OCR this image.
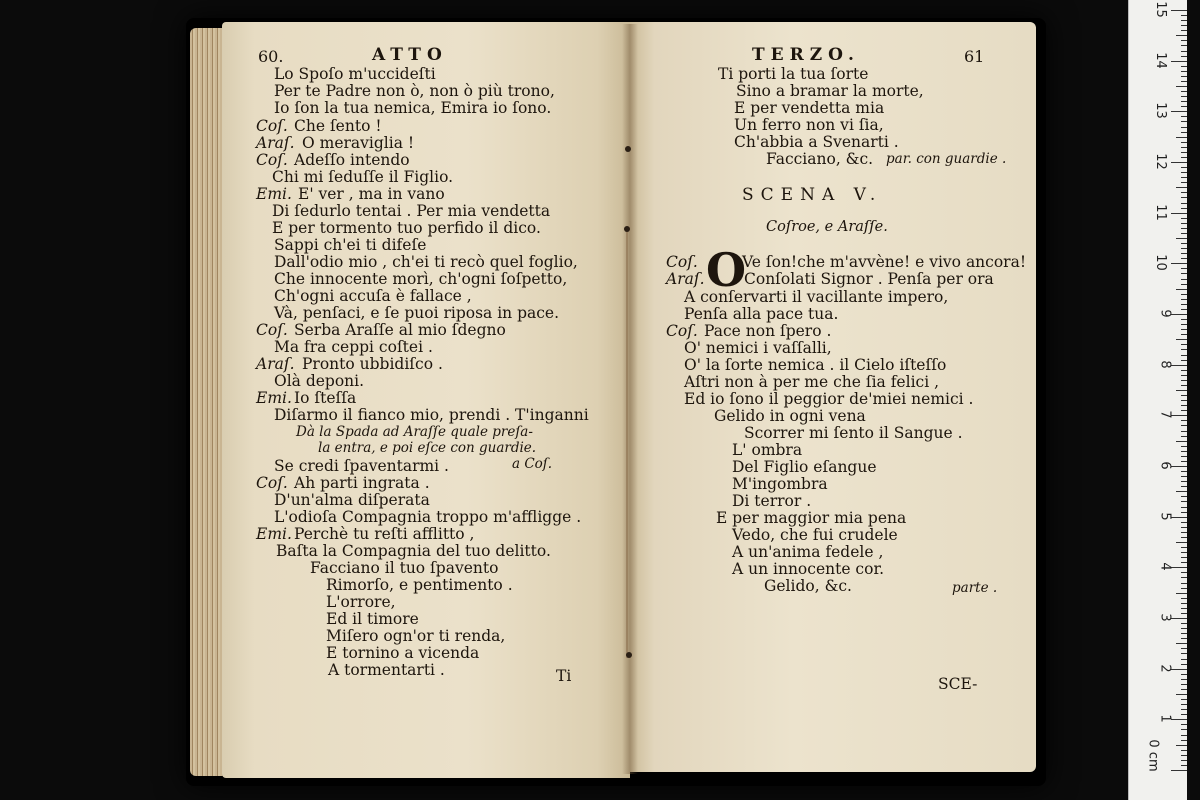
60.	ATTO
Lo Spoſo m'uccideſti
Per te Padre non ò, non ò più trono,
Io ſon la tua nemica, Emira io ſono.
Coſ. Che ſento !
Araſ. O meraviglia !
Coſ. Adeſſo intendo
Chi mi ſeduſſe il Figlio.
Emi. E' ver , ma in vano
Di ſedurlo tentai . Per mia vendetta
E per tormento tuo perfido il dico.
Sappi ch'ei ti difeſe
Dall'odio mio , ch'ei ti recò quel foglio,
Che innocente morì, ch'ogni ſoſpetto,
Ch'ogni accuſa è fallace ,
Và, penſaci, e ſe puoi riposa in pace.
Coſ. Serba Araſſe al mio ſdegno
Ma fra ceppi coſtei .
Araſ. Pronto ubbidiſco .
Olà deponi.
Emi. Io ſteſſa
Diſarmo il fianco mio, prendi . T'inganni
Dà la Spada ad Araſſe quale preſa-
la entra, e poi eſce con guardie.
Se credi ſpaventarmi .	a Coſ.
Coſ. Ah parti ingrata .
D'un'alma diſperata
L'odioſa Compagnia troppo m'affligge .
Emi. Perchè tu reſti afflitto ,
Baſta la Compagnia del tuo delitto.
Facciano il tuo ſpavento
Rimorſo, e pentimento .
L'orrore,
Ed il timore
Miſero ogn'or ti renda,
E tornino a vicenda
A tormentarti .	Ti
TERZO.	61
Ti porti la tua ſorte
Sino a bramar la morte,
E per vendetta mia
Un ferro non vi ſia,
Ch'abbia a Svenarti .
Facciano, &c. par. con guardie .
SCENA V.
Coſroe, e Araſſe.
O
Coſ.	Ve ſon!che m'avvène! e vivo ancora!
Araſ.	Conſolati Signor . Penſa per ora
A conſervarti il vacillante impero,
Penſa alla pace tua.
Coſ. Pace non ſpero .
O' nemici i vaſſalli,
O' la ſorte nemica . il Cielo iſteſſo
Aſtri non à per me che ſia felici ,
Ed io ſono il peggior de'miei nemici .
Gelido in ogni vena
Scorrer mi ſento il Sangue .
L' ombra
Del Figlio eſangue
M'ingombra
Di terror .
E per maggior mia pena
Vedo, che fui crudele
A un'anima fedele ,
A un innocente cor.
Gelido, &c.	parte .
SCE-
0 cm
1
2
3
4
5
6
7
8
9
10
11
12
13
14
15
